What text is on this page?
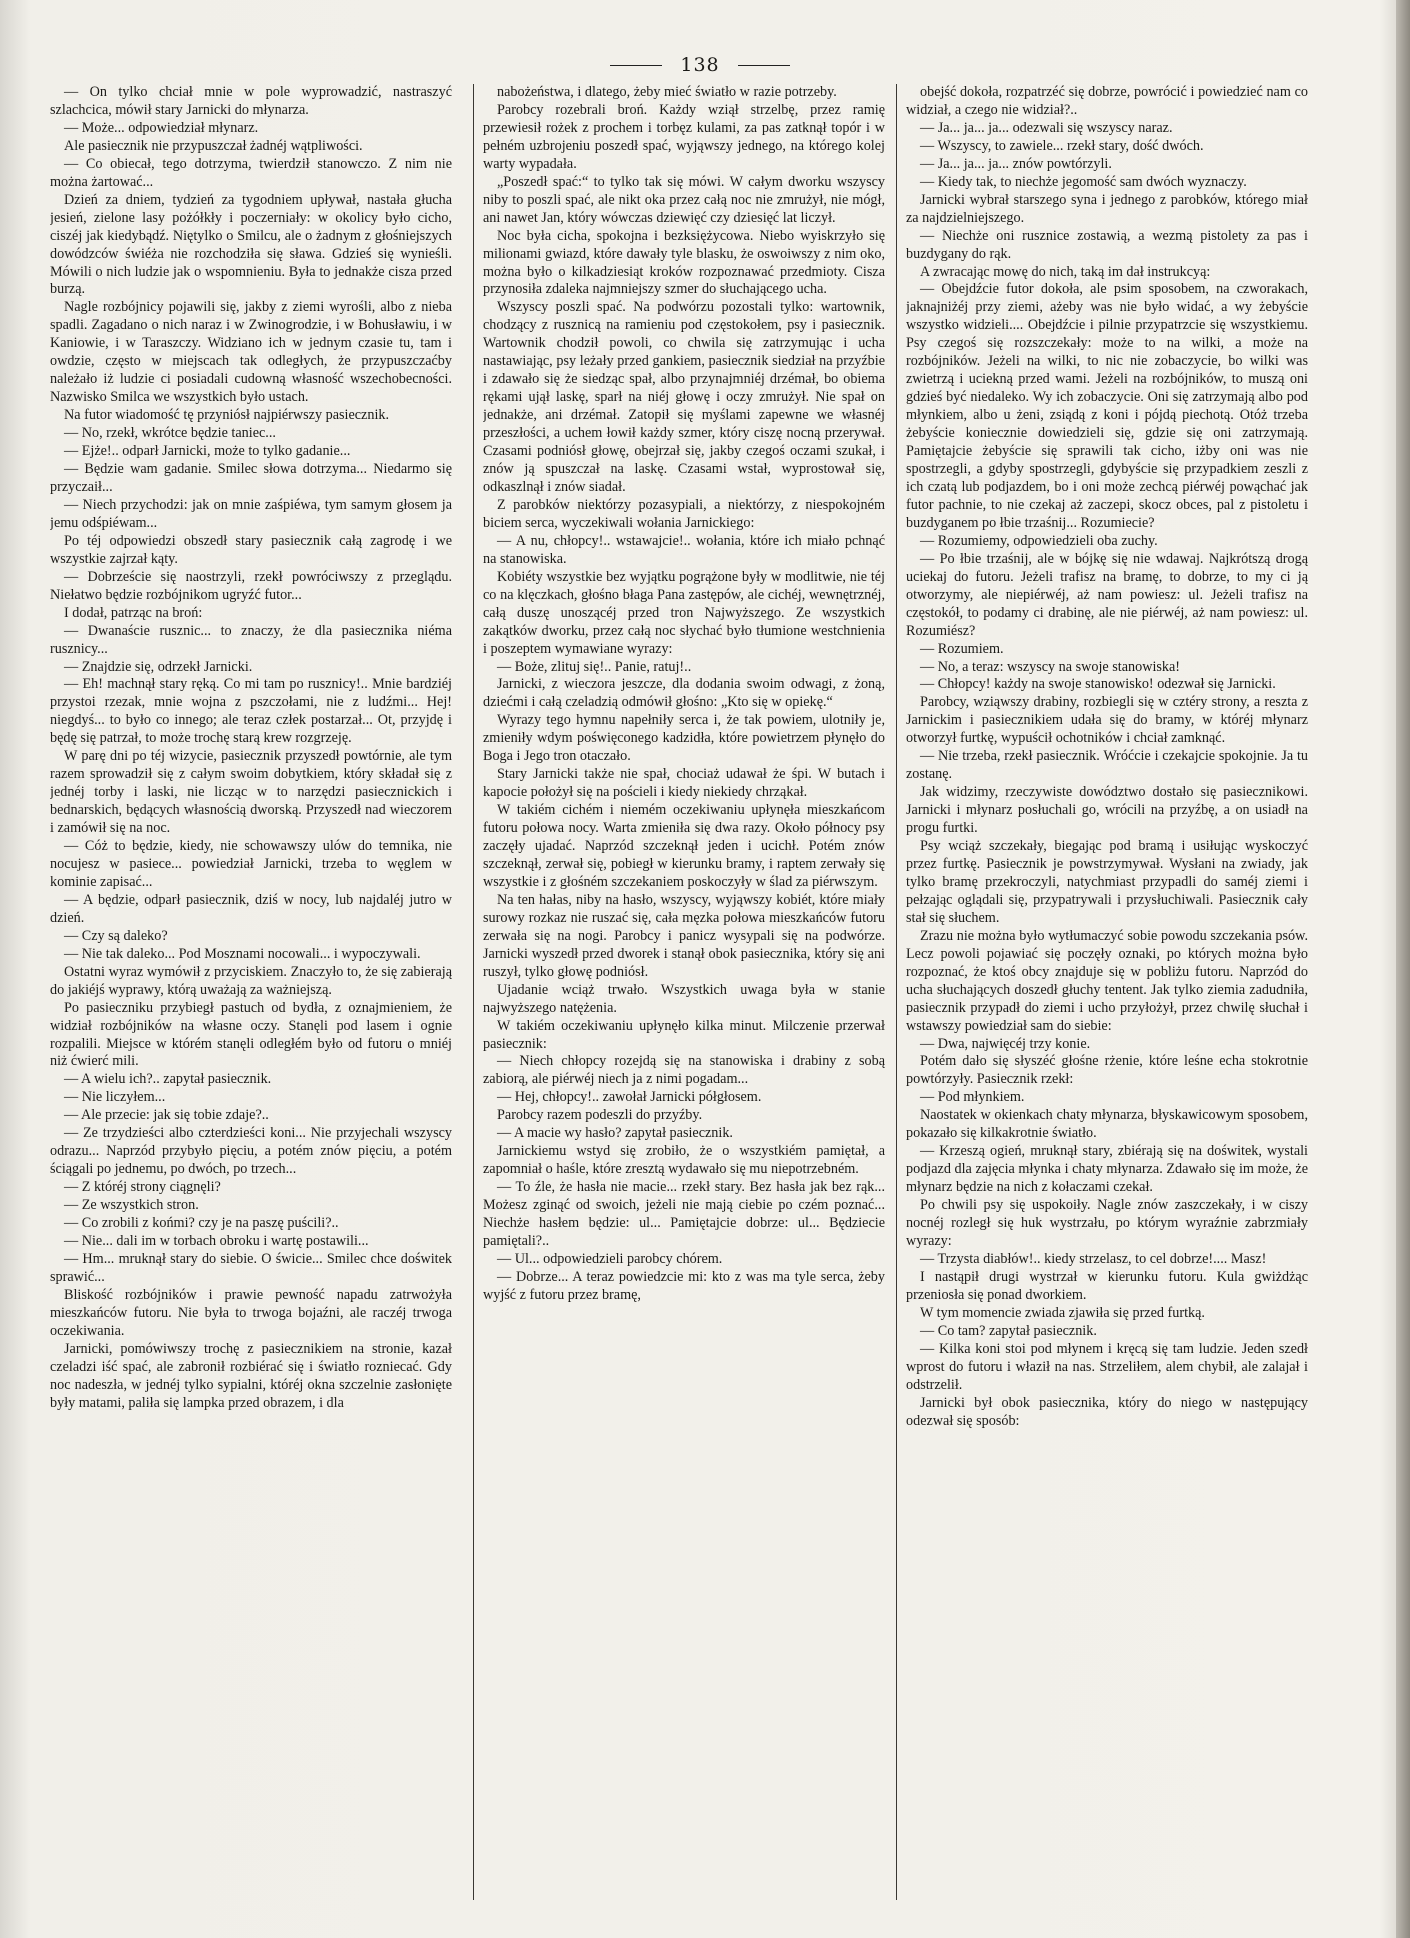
138

— On tylko chciał mnie w pole wyprowadzić, nastraszyć szlachcica, mówił stary Jarnicki do młynarza.

— Może... odpowiedział młynarz.

Ale pasiecznik nie przypuszczał żadnéj wątpliwości.

— Co obiecał, tego dotrzyma, twierdził stanowczo. Z nim nie można żartować...

Dzień za dniem, tydzień za tygodniem upływał, nastała głucha jesień, zielone lasy pożółkły i poczerniały: w okolicy było cicho, ciszéj jak kiedybądź. Niętylko o Smilcu, ale o żadnym z głośniejszych dowódzców świéża nie rozchodziła się sława. Gdzieś się wynieśli. Mówili o nich ludzie jak o wspomnieniu. Była to jednakże cisza przed burzą.

Nagle rozbójnicy pojawili się, jakby z ziemi wyrośli, albo z nieba spadli. Zagadano o nich naraz i w Zwinogrodzie, i w Bohusławiu, i w Kaniowie, i w Taraszczy. Widziano ich w jednym czasie tu, tam i owdzie, często w miejscach tak odległych, że przypuszczaćby należało iż ludzie ci posiadali cudowną własność wszechobecności. Nazwisko Smilca we wszystkich było ustach.

Na futor wiadomość tę przyniósł najpiérwszy pasiecznik.

— No, rzekł, wkrótce będzie taniec...

— Ejże!.. odparł Jarnicki, może to tylko gadanie...

— Będzie wam gadanie. Smilec słowa dotrzyma... Niedarmo się przyczaił...

— Niech przychodzi: jak on mnie zaśpiéwa, tym samym głosem ja jemu odśpiéwam...

Po téj odpowiedzi obszedł stary pasiecznik całą zagrodę i we wszystkie zajrzał kąty.

— Dobrzeście się naostrzyli, rzekł powróciwszy z przeglądu. Niełatwo będzie rozbójnikom ugryźć futor...

I dodał, patrząc na broń:

— Dwanaście rusznic... to znaczy, że dla pasiecznika niéma rusznicy...

— Znajdzie się, odrzekł Jarnicki.

— Eh! machnął stary ręką. Co mi tam po rusznicy!.. Mnie bardziéj przystoi rzezak, mnie wojna z pszczołami, nie z ludźmi... Hej! niegdyś... to było co innego; ale teraz człek postarzał... Ot, przyjdę i będę się patrzał, to może trochę starą krew rozgrzeję.

W parę dni po téj wizycie, pasiecznik przyszedł powtórnie, ale tym razem sprowadził się z całym swoim dobytkiem, który składał się z jednéj torby i laski, nie licząc w to narzędzi pasiecznickich i bednarskich, będących własnością dworską. Przyszedł nad wieczorem i zamówił się na noc.

— Cóż to będzie, kiedy, nie schowawszy ulów do temnika, nie nocujesz w pasiece... powiedział Jarnicki, trzeba to węglem w kominie zapisać...

— A będzie, odparł pasiecznik, dziś w nocy, lub najdaléj jutro w dzień.

— Czy są daleko?

— Nie tak daleko... Pod Mosznami nocowali... i wypoczywali.

Ostatni wyraz wymówił z przyciskiem. Znaczyło to, że się zabierają do jakiéjś wyprawy, którą uważają za ważniejszą.

Po pasieczniku przybiegł pastuch od bydła, z oznajmieniem, że widział rozbójników na własne oczy. Stanęli pod lasem i ognie rozpalili. Miejsce w którém stanęli odległém było od futoru o mniéj niż ćwierć mili.

— A wielu ich?.. zapytał pasiecznik.

— Nie liczyłem...

— Ale przecie: jak się tobie zdaje?..

— Ze trzydzieści albo czterdzieści koni... Nie przyjechali wszyscy odrazu... Naprzód przybyło pięciu, a potém znów pięciu, a potém ściągali po jednemu, po dwóch, po trzech...

— Z któréj strony ciągnęli?

— Ze wszystkich stron.

— Co zrobili z końmi? czy je na paszę puścili?..

— Nie... dali im w torbach obroku i wartę postawili...

— Hm... mruknął stary do siebie. O świcie... Smilec chce doświtek sprawić...

Bliskość rozbójników i prawie pewność napadu zatrwożyła mieszkańców futoru. Nie była to trwoga bojaźni, ale raczéj trwoga oczekiwania.

Jarnicki, pomówiwszy trochę z pasiecznikiem na stronie, kazał czeladzi iść spać, ale zabronił rozbiérać się i światło rozniecać. Gdy noc nadeszła, w jednéj tylko sypialni, któréj okna szczelnie zasłonięte były matami, paliła się lampka przed obrazem, i dla

nabożeństwa, i dlatego, żeby mieć światło w razie potrzeby.

Parobcy rozebrali broń. Każdy wziął strzelbę, przez ramię przewiesił rożek z prochem i torbęz kulami, za pas zatknął topór i w pełném uzbrojeniu poszedł spać, wyjąwszy jednego, na którego kolej warty wypadała.

„Poszedł spać:“ to tylko tak się mówi. W całym dworku wszyscy niby to poszli spać, ale nikt oka przez całą noc nie zmrużył, nie mógł, ani nawet Jan, który wówczas dziewięć czy dziesięć lat liczył.

Noc była cicha, spokojna i bezksiężycowa. Niebo wyiskrzyło się milionami gwiazd, które dawały tyle blasku, że oswoiwszy z nim oko, można było o kilkadziesiąt kroków rozpoznawać przedmioty. Cisza przynosiła zdaleka najmniejszy szmer do słuchającego ucha.

Wszyscy poszli spać. Na podwórzu pozostali tylko: wartownik, chodzący z rusznicą na ramieniu pod częstokołem, psy i pasiecznik. Wartownik chodził powoli, co chwila się zatrzymując i ucha nastawiając, psy leżały przed gankiem, pasiecznik siedział na przyźbie i zdawało się że siedząc spał, albo przynajmniéj drzémał, bo obiema rękami ujął laskę, sparł na niéj głowę i oczy zmrużył. Nie spał on jednakże, ani drzémał. Zatopił się myślami zapewne we własnéj przeszłości, a uchem łowił każdy szmer, który ciszę nocną przerywał. Czasami podniósł głowę, obejrzał się, jakby czegoś oczami szukał, i znów ją spuszczał na laskę. Czasami wstał, wyprostował się, odkaszlnął i znów siadał.

Z parobków niektórzy pozasypiali, a niektórzy, z niespokojném biciem serca, wyczekiwali wołania Jarnickiego:

— A nu, chłopcy!.. wstawajcie!.. wołania, które ich miało pchnąć na stanowiska.

Kobiéty wszystkie bez wyjątku pogrążone były w modlitwie, nie téj co na klęczkach, głośno błaga Pana zastępów, ale cichéj, wewnętrznéj, całą duszę unoszącéj przed tron Najwyższego. Ze wszystkich zakątków dworku, przez całą noc słychać było tłumione westchnienia i poszeptem wymawiane wyrazy:

— Boże, zlituj się!.. Panie, ratuj!..

Jarnicki, z wieczora jeszcze, dla dodania swoim odwagi, z żoną, dziećmi i całą czeladzią odmówił głośno: „Kto się w opiekę.“

Wyrazy tego hymnu napełniły serca i, że tak powiem, ulotniły je, zmieniły wdym poświęconego kadzidła, które powietrzem płynęło do Boga i Jego tron otaczało.

Stary Jarnicki także nie spał, chociaż udawał że śpi. W butach i kapocie położył się na pościeli i kiedy niekiedy chrząkał.

W takiém cichém i niemém oczekiwaniu upłynęła mieszkańcom futoru połowa nocy. Warta zmieniła się dwa razy. Około północy psy zaczęły ujadać. Naprzód szczeknął jeden i ucichł. Potém znów szczeknął, zerwał się, pobiegł w kierunku bramy, i raptem zerwały się wszystkie i z głośném szczekaniem poskoczyły w ślad za piérwszym.

Na ten hałas, niby na hasło, wszyscy, wyjąwszy kobiét, które miały surowy rozkaz nie ruszać się, cała męzka połowa mieszkańców futoru zerwała się na nogi. Parobcy i panicz wysypali się na podwórze. Jarnicki wyszedł przed dworek i stanął obok pasiecznika, który się ani ruszył, tylko głowę podniósł.

Ujadanie wciąż trwało. Wszystkich uwaga była w stanie najwyższego natężenia.

W takiém oczekiwaniu upłynęło kilka minut. Milczenie przerwał pasiecznik:

— Niech chłopcy rozejdą się na stanowiska i drabiny z sobą zabiorą, ale piérwéj niech ja z nimi pogadam...

— Hej, chłopcy!.. zawołał Jarnicki półgłosem.

Parobcy razem podeszli do przyźby.

— A macie wy hasło? zapytał pasiecznik.

Jarnickiemu wstyd się zrobiło, że o wszystkiém pamiętał, a zapomniał o haśle, które zresztą wydawało się mu niepotrzebném.

— To źle, że hasła nie macie... rzekł stary. Bez hasła jak bez rąk... Możesz zginąć od swoich, jeżeli nie mają ciebie po czém poznać... Niechże hasłem będzie: ul... Pamiętajcie dobrze: ul... Będziecie pamiętali?..

— Ul... odpowiedzieli parobcy chórem.

— Dobrze... A teraz powiedzcie mi: kto z was ma tyle serca, żeby wyjść z futoru przez bramę,

obejść dokoła, rozpatrzéć się dobrze, powrócić i powiedzieć nam co widział, a czego nie widział?..

— Ja... ja... ja... odezwali się wszyscy naraz.

— Wszyscy, to zawiele... rzekł stary, dość dwóch.

— Ja... ja... ja... znów powtórzyli.

— Kiedy tak, to niechże jegomość sam dwóch wyznaczy.

Jarnicki wybrał starszego syna i jednego z parobków, którego miał za najdzielniejszego.

— Niechże oni rusznice zostawią, a wezmą pistolety za pas i buzdygany do rąk.

A zwracając mowę do nich, taką im dał instrukcyą:

— Obejdźcie futor dokoła, ale psim sposobem, na czworakach, jaknajniżéj przy ziemi, ażeby was nie było widać, a wy żebyście wszystko widzieli.... Obejdźcie i pilnie przypatrzcie się wszystkiemu. Psy czegoś się rozszczekały: może to na wilki, a może na rozbójników. Jeżeli na wilki, to nic nie zobaczycie, bo wilki was zwietrzą i uciekną przed wami. Jeżeli na rozbójników, to muszą oni gdzieś być niedaleko. Wy ich zobaczycie. Oni się zatrzymają albo pod młynkiem, albo u żeni, zsiądą z koni i pójdą piechotą. Otóż trzeba żebyście koniecznie dowiedzieli się, gdzie się oni zatrzymają. Pamiętajcie żebyście się sprawili tak cicho, iżby oni was nie spostrzegli, a gdyby spostrzegli, gdybyście się przypadkiem zeszli z ich czatą lub podjazdem, bo i oni może zechcą piérwéj powąchać jak futor pachnie, to nie czekaj aż zaczepi, skocz obces, pal z pistoletu i buzdyganem po łbie trzaśnij... Rozumiecie?

— Rozumiemy, odpowiedzieli oba zuchy.

— Po łbie trzaśnij, ale w bójkę się nie wdawaj. Najkrótszą drogą uciekaj do futoru. Jeżeli trafisz na bramę, to dobrze, to my ci ją otworzymy, ale niepiérwéj, aż nam powiesz: ul. Jeżeli trafisz na częstokół, to podamy ci drabinę, ale nie piérwéj, aż nam powiesz: ul. Rozumiész?

— Rozumiem.

— No, a teraz: wszyscy na swoje stanowiska!

— Chłopcy! każdy na swoje stanowisko! odezwał się Jarnicki.

Parobcy, wziąwszy drabiny, rozbiegli się w cztéry strony, a reszta z Jarnickim i pasiecznikiem udała się do bramy, w któréj młynarz otworzył furtkę, wypuścił ochotników i chciał zamknąć.

— Nie trzeba, rzekł pasiecznik. Wróćcie i czekajcie spokojnie. Ja tu zostanę.

Jak widzimy, rzeczywiste dowództwo dostało się pasiecznikowi. Jarnicki i młynarz posłuchali go, wrócili na przyźbę, a on usiadł na progu furtki.

Psy wciąż szczekały, biegając pod bramą i usiłując wyskoczyć przez furtkę. Pasiecznik je powstrzymywał. Wysłani na zwiady, jak tylko bramę przekroczyli, natychmiast przypadli do saméj ziemi i pełzając oglądali się, przypatrywali i przysłuchiwali. Pasiecznik cały stał się słuchem.

Zrazu nie można było wytłumaczyć sobie powodu szczekania psów. Lecz powoli pojawiać się poczęły oznaki, po których można było rozpoznać, że ktoś obcy znajduje się w pobliżu futoru. Naprzód do ucha słuchających doszedł głuchy tentent. Jak tylko ziemia zadudniła, pasiecznik przypadł do ziemi i ucho przyłożył, przez chwilę słuchał i wstawszy powiedział sam do siebie:

— Dwa, najwięcéj trzy konie.

Potém dało się słyszéć głośne rżenie, które leśne echa stokrotnie powtórzyły. Pasiecznik rzekł:

— Pod młynkiem.

Naostatek w okienkach chaty młynarza, błyskawicowym sposobem, pokazało się kilkakrotnie światło.

— Krzeszą ogień, mruknął stary, zbiérają się na doświtek, wystali podjazd dla zajęcia młynka i chaty młynarza. Zdawało się im może, że młynarz będzie na nich z kołaczami czekał.

Po chwili psy się uspokoiły. Nagle znów zaszczekały, i w ciszy nocnéj rozległ się huk wystrzału, po którym wyraźnie zabrzmiały wyrazy:

— Trzysta diabłów!.. kiedy strzelasz, to cel dobrze!.... Masz!

I nastąpił drugi wystrzał w kierunku futoru. Kula gwiżdżąc przeniosła się ponad dworkiem.

W tym momencie zwiada zjawiła się przed furtką.

— Co tam? zapytał pasiecznik.

— Kilka koni stoi pod młynem i kręcą się tam ludzie. Jeden szedł wprost do futoru i właził na nas. Strzeliłem, alem chybił, ale zalajał i odstrzelił.

Jarnicki był obok pasiecznika, który do niego w następujący odezwał się sposób:
